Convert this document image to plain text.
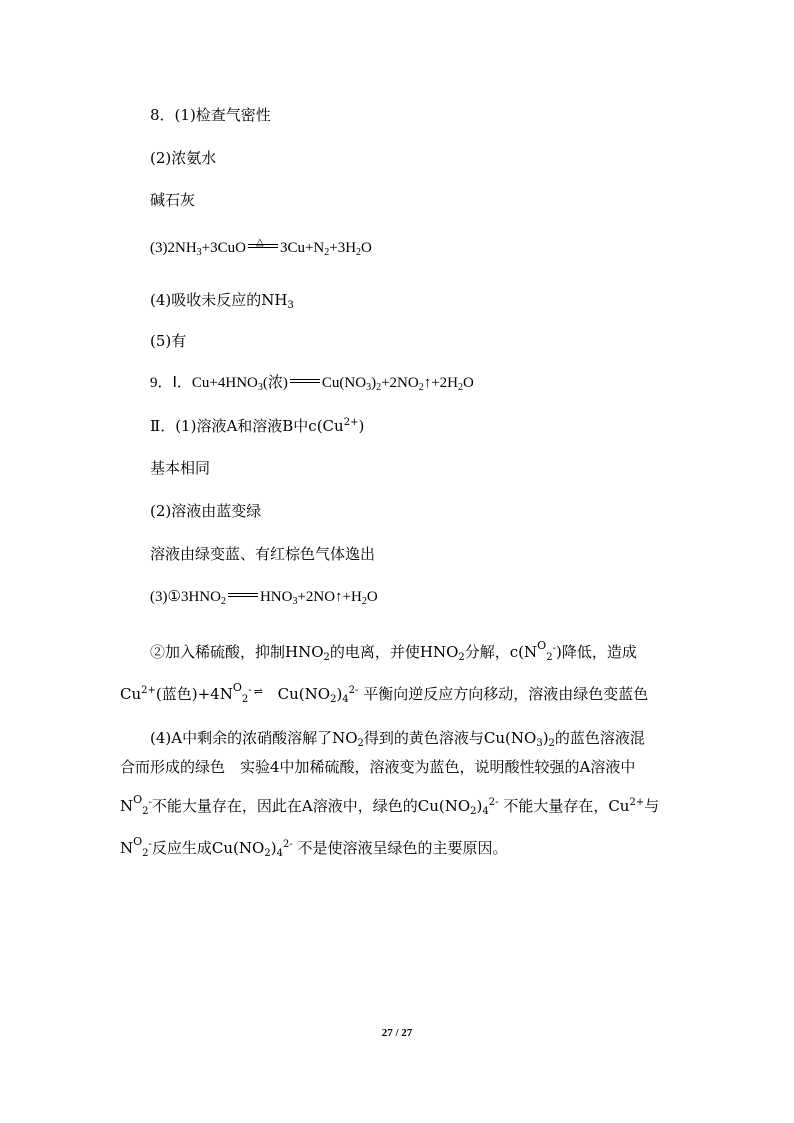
8．(1)检查气密性
(2)浓氨水
碱石灰
$(3)2NH_3+3CuO$ △ $3Cu+N_2+3H_2O$
(4)吸收未反应的$NH_3$
(5)有
9．Ⅰ．$Cu+4HNO_3$(浓) $Cu(NO_3)_2+2NO_2↑+2H_2O$
Ⅱ．(1)溶液A和溶液B中$c(Cu^{2+})$
基本相同
(2)溶液由蓝变绿
溶液由绿变蓝、有红棕色气体逸出
$(3)①3HNO_2$ $HNO_3+2NO↑+H_2O$
②加入稀硫酸，抑制$HNO_2$的电离，并使$HNO_2$分解，$c(N^O_2^-)$降低，造成
$Cu^{2+}$(蓝色)$+4N^O_2^-$ ⇌ $Cu(NO_2)_4^{2-}$ 平衡向逆反应方向移动，溶液由绿色变蓝色
(4)A中剩余的浓硝酸溶解了$NO_2$得到的黄色溶液与$Cu(NO_3)_2$的蓝色溶液混
合而形成的绿色　实验4中加稀硫酸，溶液变为蓝色，说明酸性较强的A溶液中
$N^O_2^-$不能大量存在，因此在A溶液中，绿色的$Cu(NO_2)_4^{2-}$ 不能大量存在，$Cu^{2+}$与
$N^O_2^-$反应生成$Cu(NO_2)_4^{2-}$ 不是使溶液呈绿色的主要原因。
27 / 27
